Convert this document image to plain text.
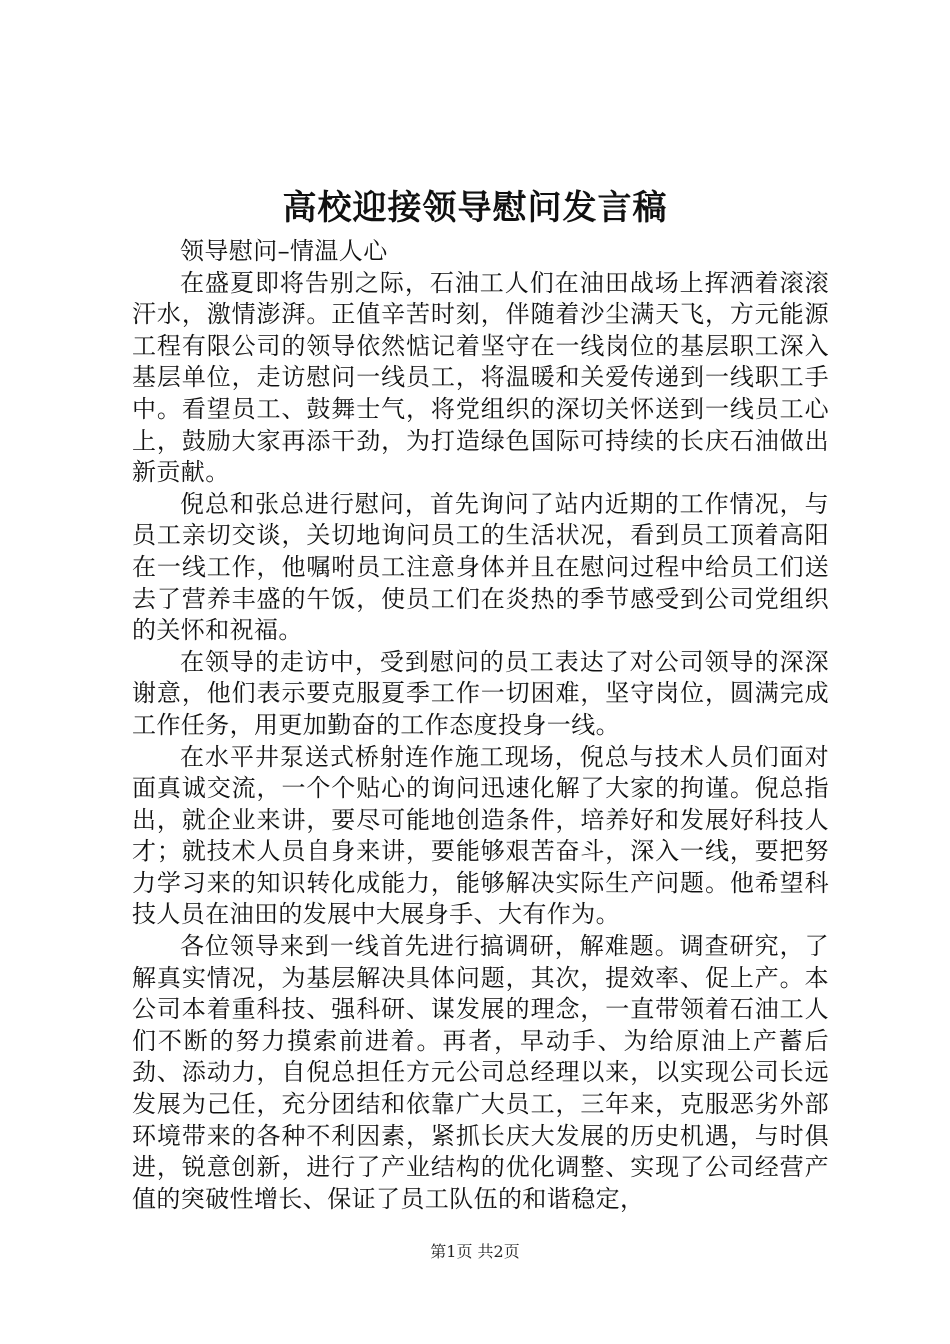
高校迎接领导慰问发言稿

领导慰问–情温人心

在盛夏即将告别之际，石油工人们在油田战场上挥洒着滚滚汗水，激情澎湃。正值辛苦时刻，伴随着沙尘满天飞，方元能源工程有限公司的领导依然惦记着坚守在一线岗位的基层职工深入基层单位，走访慰问一线员工，将温暖和关爱传递到一线职工手中。看望员工、鼓舞士气，将党组织的深切关怀送到一线员工心上，鼓励大家再添干劲，为打造绿色国际可持续的长庆石油做出新贡献。

倪总和张总进行慰问，首先询问了站内近期的工作情况，与员工亲切交谈，关切地询问员工的生活状况，看到员工顶着高阳在一线工作，他嘱咐员工注意身体并且在慰问过程中给员工们送去了营养丰盛的午饭，使员工们在炎热的季节感受到公司党组织的关怀和祝福。

在领导的走访中，受到慰问的员工表达了对公司领导的深深谢意，他们表示要克服夏季工作一切困难，坚守岗位，圆满完成工作任务，用更加勤奋的工作态度投身一线。

在水平井泵送式桥射连作施工现场，倪总与技术人员们面对面真诚交流，一个个贴心的询问迅速化解了大家的拘谨。倪总指出，就企业来讲，要尽可能地创造条件，培养好和发展好科技人才；就技术人员自身来讲，要能够艰苦奋斗，深入一线，要把努力学习来的知识转化成能力，能够解决实际生产问题。他希望科技人员在油田的发展中大展身手、大有作为。

各位领导来到一线首先进行搞调研，解难题。调查研究，了解真实情况，为基层解决具体问题，其次，提效率、促上产。本公司本着重科技、强科研、谋发展的理念，一直带领着石油工人们不断的努力摸索前进着。再者，早动手、为给原油上产蓄后劲、添动力，自倪总担任方元公司总经理以来，以实现公司长远发展为己任，充分团结和依靠广大员工，三年来，克服恶劣外部环境带来的各种不利因素，紧抓长庆大发展的历史机遇，与时俱进，锐意创新，进行了产业结构的优化调整、实现了公司经营产值的突破性增长、保证了员工队伍的和谐稳定，

第1页 共2页
